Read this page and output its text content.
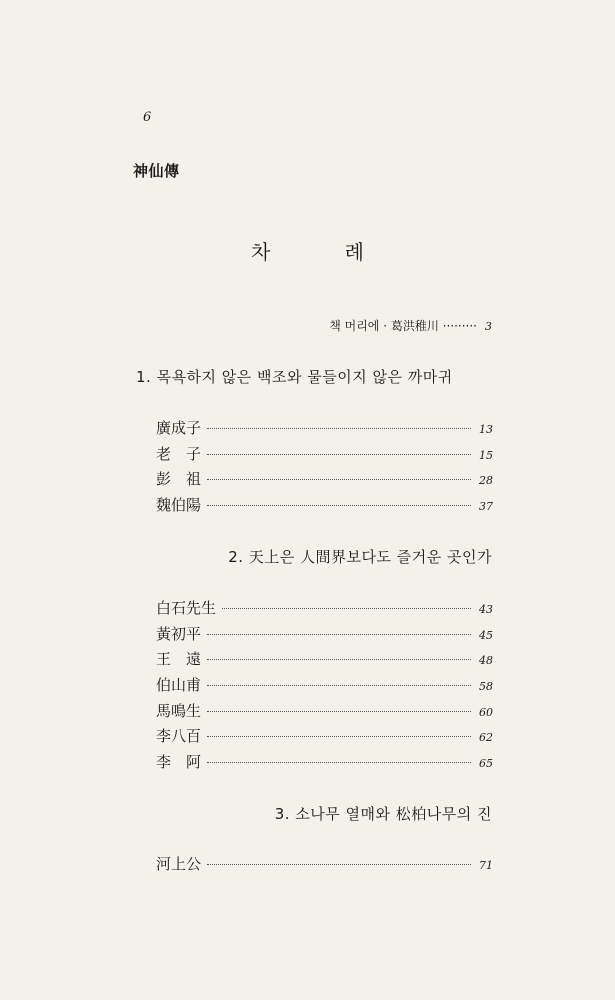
6
神仙傳
차 례
책 머리에 · 葛洪稚川 ········· 3
1. 목욕하지 않은 백조와 물들이지 않은 까마귀
廣成子	13
老　子	15
彭　祖	28
魏伯陽	37
2. 天上은 人間界보다도 즐거운 곳인가
白石先生	43
黃初平	45
王　遠	48
伯山甫	58
馬鳴生	60
李八百	62
李　阿	65
3. 소나무 열매와 松柏나무의 진
河上公	71
